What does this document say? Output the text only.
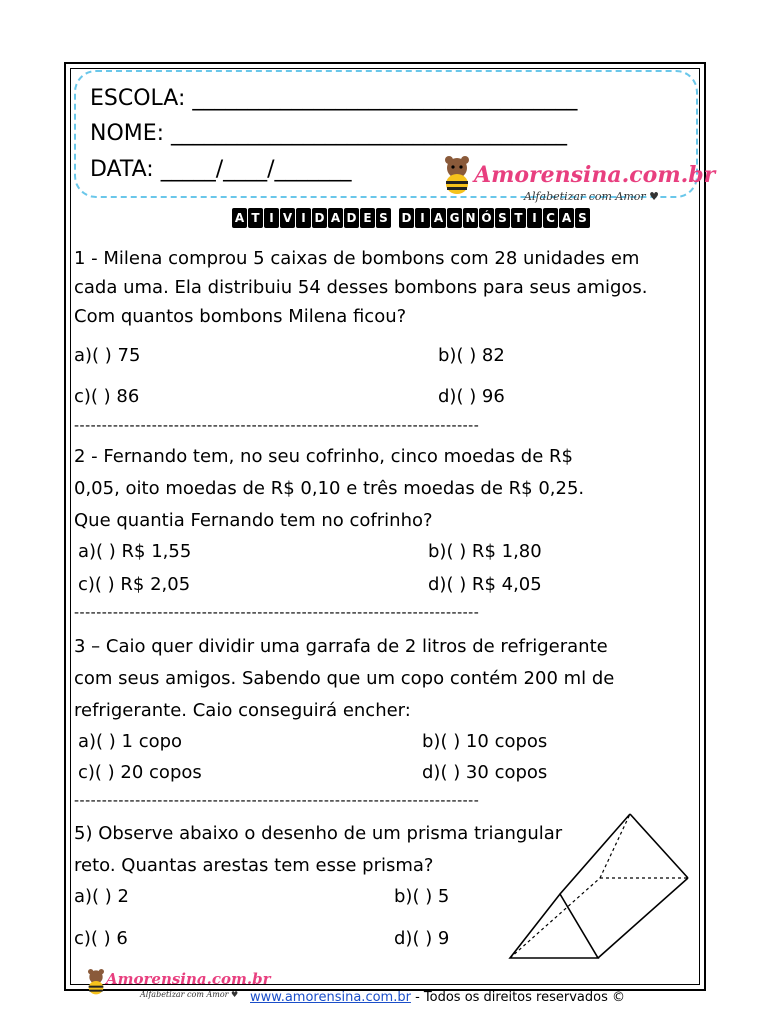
ESCOLA: ___________________________________
NOME: ____________________________________
DATA: _____/____/_______	Amorensina.com.br
Alfabetizar com Amor ♥
A T I V I D A D E S D I A G N Ó S T I C A S
1 - Milena comprou 5 caixas de bombons com 28 unidades em
cada uma. Ela distribuiu 54 desses bombons para seus amigos.
Com quantos bombons Milena ficou?
a)( ) 75	b)( ) 82
c)( ) 86	d)( ) 96
-------------------------------------------------------------------------
2 - Fernando tem, no seu cofrinho, cinco moedas de R$
0,05, oito moedas de R$ 0,10 e três moedas de R$ 0,25.
Que quantia Fernando tem no cofrinho?
a)( ) R$ 1,55	b)( ) R$ 1,80
c)( ) R$ 2,05	d)( ) R$ 4,05
-------------------------------------------------------------------------
3 – Caio quer dividir uma garrafa de 2 litros de refrigerante
com seus amigos. Sabendo que um copo contém 200 ml de
refrigerante. Caio conseguirá encher:
a)( ) 1 copo	b)( ) 10 copos
c)( ) 20 copos	d)( ) 30 copos
-------------------------------------------------------------------------
5) Observe abaixo o desenho de um prisma triangular
reto. Quantas arestas tem esse prisma?
a)( ) 2	b)( ) 5
c)( ) 6	d)( ) 9
Amorensina.com.br
Alfabetizar com Amor ♥ www.amorensina.com.br - Todos os direitos reservados ©
